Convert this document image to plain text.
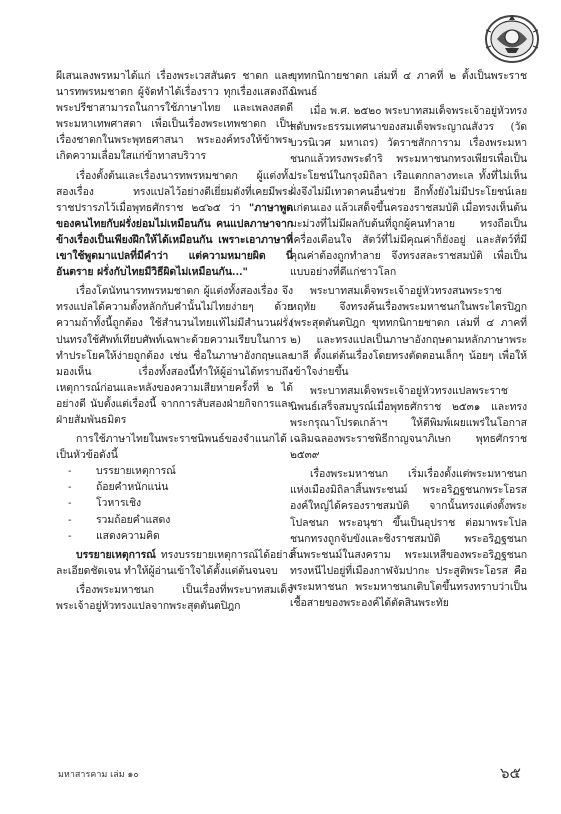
ผีเสนเลงพรหมาได้แก่ เรื่องพระเวสสันดร ชาดก และนารทพรหมชาดก ผู้จัดทำได้เรื่องราว ทุกเรื่องแสดงถึงพระปรีชาสามารถในการใช้ภาษาไทย และเพลงสดดีพระมหาเทพศาสดา เพื่อเป็นเรื่องพระเทพชาดก เป็นเรื่องชาดกในพระพุทธศาสนา พระองค์ทรงให้ข้าพระเกิดความเลื่อมใสแก่ข้าทาสบริวาร

เรื่องตั้งต้นและเรื่องนารทพรหมชาดก ผู้แต่งทั้ง สองเรื่อง ทรงแปลไว้อย่างดีเยี่ยมดังที่เคยมีพระราชปรารภไว้เมื่อพุทธศักราช ๒๔๖๕ ว่า "ภาษาพูดของคนไทยกับฝรั่งย่อมไม่เหมือนกัน คนแปลภาษาจากข้างเรื่องเป็นเพียงฝึกให้ได้เหมือนกัน เพราะเอาภาษาที่เขาใช้พูดมาแปลที่มีคำว่า แต่ความหมายผิด นี่อันตราย ฝรั่งกับไทยมีวิธีผิดไม่เหมือนกัน..."

เรื่องโตนัทนารทพรหมชาดก ผู้แต่งทั้งสองเรื่อง จึงทรงแปลได้ความตั้งหลักกับคำนั้นไม่ไทยง่ายๆ ด้วยความถ้าทั้งนี้ถูกต้อง ใช้สำนวนไทยแท้ไม่มีสำนวนฝรั่งปนทรงใช้ศัพท์เทียบศัพท์เฉพาะด้วยความเรียบในการทำประโยคให้ง่ายถูกต้อง เช่น ชื่อในภาษาอังกฤษและมองเห็น เรื่องทั้งสองนี้ทำให้ผู้อ่านได้ทราบถึงเหตุการณ์ก่อนและหลังของความเสียหายครั้งที่ ๒ ได้อย่างดี นับตั้งแต่เรื่องนี้ จากการสับสองฝ่ายกิจการและฝ่ายสัมพันธมิตร

การใช้ภาษาไทยในพระราชนิพนธ์ของจำแนกได้เป็นหัวข้อดังนี้

- บรรยายเหตุการณ์
- ถ้อยคำหนักแน่น
- โวหารเชิง
- รวมถ้อยคำแสดง
- แสดงความคิด

บรรยายเหตุการณ์ ทรงบรรยายเหตุการณ์ได้อย่างละเอียดชัดเจน ทำให้ผู้อ่านเข้าใจได้ตั้งแต่ต้นจนจบ

เรื่องพระมหาชนก เป็นเรื่องที่พระบาทสมเด็จพระเจ้าอยู่หัวทรงแปลจากพระสุตตันตปิฎก

ขุททกนิกายชาดก เล่มที่ ๔ ภาคที่ ๒ ตั้งเป็นพระราชนิพนธ์

เมื่อ พ.ศ. ๒๕๒๐ พระบาทสมเด็จพระเจ้าอยู่หัวทรงสดับพระธรรมเทศนาของสมเด็จพระญาณสังวร (วัด บวรนิเวศ มหาเถร) วัดราชสักการาม เรื่องพระมหาชนกแล้วทรงพระดำริ พระมหาชนกทรงเพียรเพื่อเป็นประโยชน์ในกรุงมิถิลา เรือแตกกลางทะเล ทั้งที่ไม่เห็นฝั่งจึงไม่มีเทวดาคนอื่นช่วย อีกทั้งยังไม่มีประโยชน์เลยแก่ตนเอง แล้วเสด็จขึ้นครองราชสมบัติ เมื่อทรงเห็นต้นมะม่วงที่ไม่มีผลกับต้นที่ถูกผู้คนทำลาย ทรงถือเป็นเครื่องเตือนใจ สัตว์ที่ไม่มีคุณค่าก็ยังอยู่ และสัตว์ที่มีคุณค่าต้องถูกทำลาย จึงทรงสละราชสมบัติ เพื่อเป็นแบบอย่างที่ดีแก่ชาวโลก

พระบาทสมเด็จพระเจ้าอยู่หัวทรงสนพระราชหฤทัย จึงทรงค้นเรื่องพระมหาชนกในพระไตรปิฎก (พระสุตตันตปิฎก ขุททกนิกายชาดก เล่มที่ ๔ ภาคที่ ๒) และทรงแปลเป็นภาษาอังกฤษตามหลักภาษาพระบาลี ตั้งแต่ต้นเรื่องโดยทรงตัดตอนเล็กๆ น้อยๆ เพื่อให้เข้าใจง่ายขึ้น

พระบาทสมเด็จพระเจ้าอยู่หัวทรงแปลพระราชนิพนธ์เสร็จสมบูรณ์เมื่อพุทธศักราช ๒๕๓๑ และทรงพระกรุณาโปรดเกล้าฯ ให้ตีพิมพ์เผยแพร่ในโอกาสเฉลิมฉลองพระราชพิธีกาญจนาภิเษก พุทธศักราช ๒๕๓๙

เรื่องพระมหาชนก เริ่มเรื่องตั้งแต่พระมหาชนกแห่งเมืองมิถิลาสิ้นพระชนม์ พระอริฏฐชนกพระโอรสองค์ใหญ่ได้ครองราชสมบัติ จากนั้นทรงแต่งตั้งพระโปลชนก พระอนุชา ขึ้นเป็นอุปราช ต่อมาพระโปลชนกทรงถูกจับขังและชิงราชสมบัติ พระอริฏฐชนกสิ้นพระชนม์ในสงคราม พระมเหสีของพระอริฏฐชนกทรงหนีไปอยู่ที่เมืองกาฬจัมปากะ ประสูติพระโอรส คือพระมหาชนก พระมหาชนกเติบโตขึ้นทรงทราบว่าเป็นเชื้อสายของพระองค์ได้ตัดสินพระทัย

มหาสารคาม เล่ม ๑๐	๖๕
